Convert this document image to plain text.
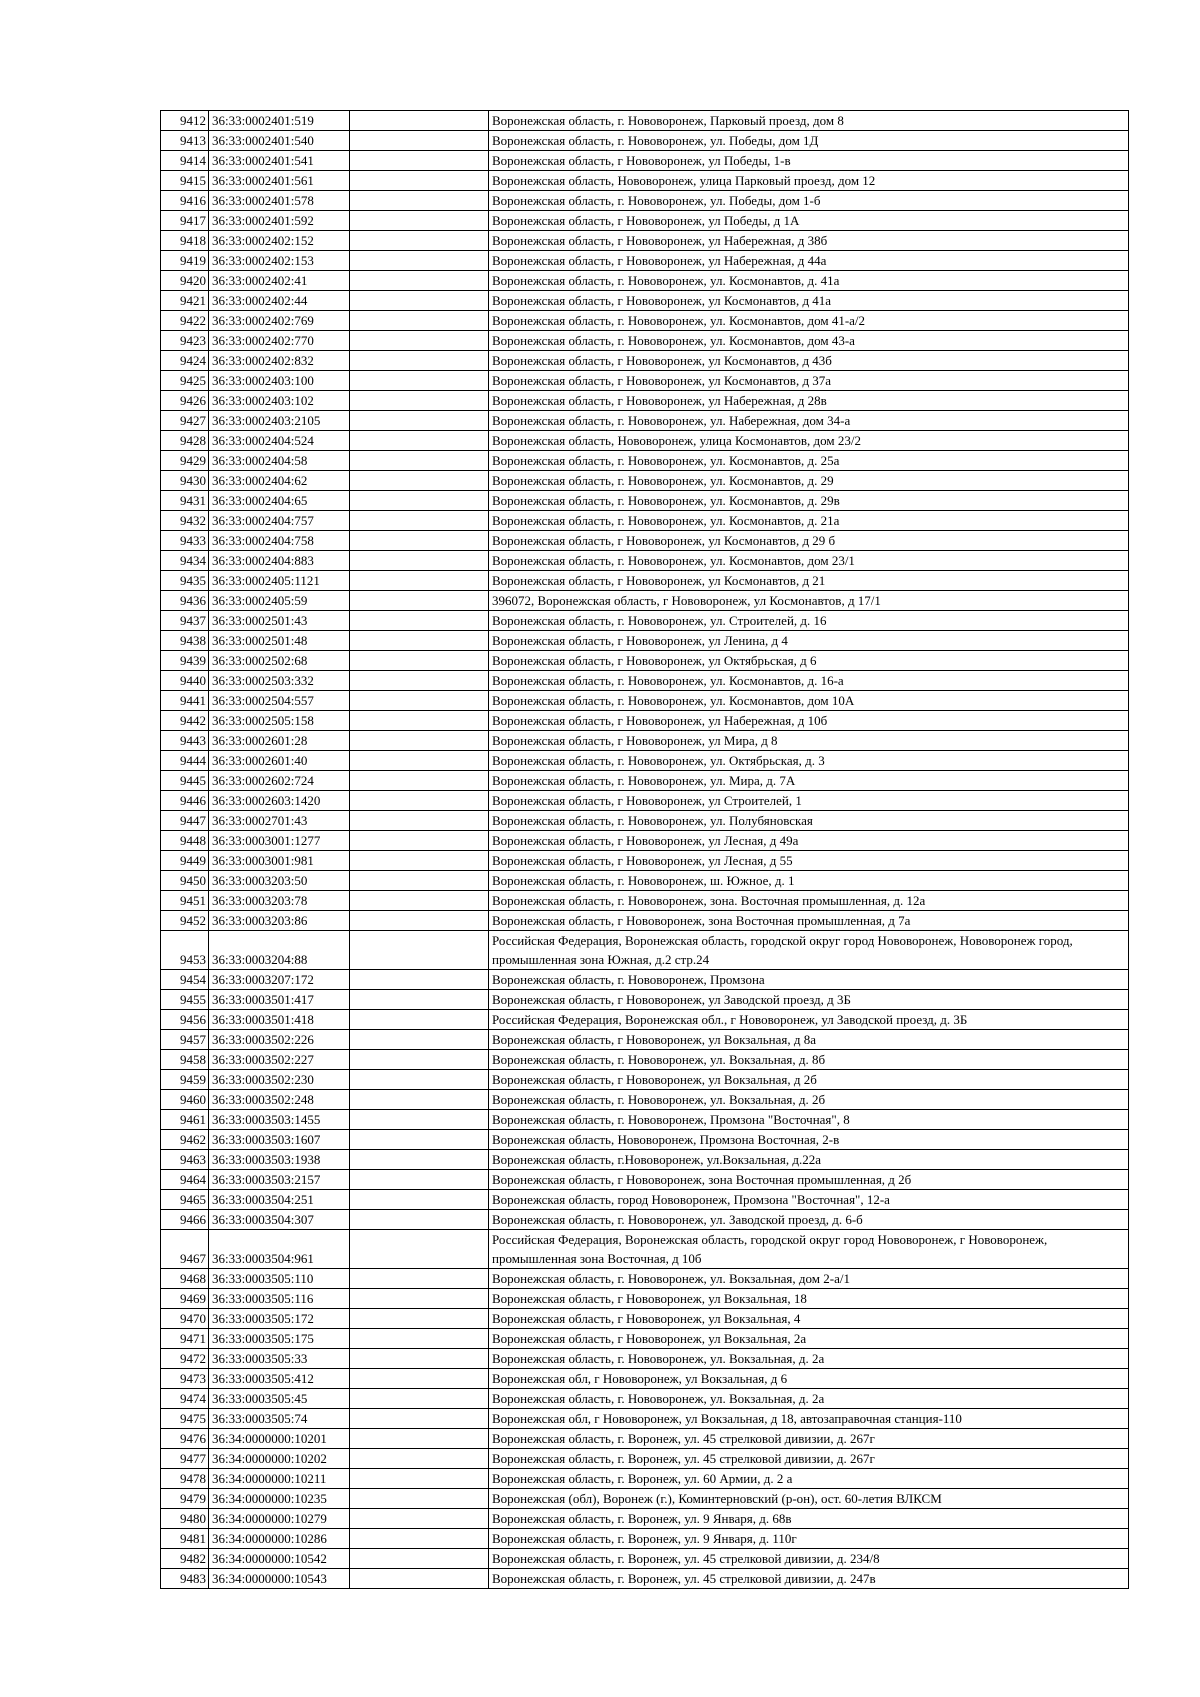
9412	36:33:0002401:519		Воронежская область, г. Нововоронеж, Парковый проезд, дом 8
9413	36:33:0002401:540		Воронежская область, г. Нововоронеж, ул. Победы, дом 1Д
9414	36:33:0002401:541		Воронежская область, г Нововоронеж, ул Победы, 1-в
9415	36:33:0002401:561		Воронежская область, Нововоронеж, улица Парковый проезд, дом 12
9416	36:33:0002401:578		Воронежская область, г. Нововоронеж, ул. Победы, дом 1-б
9417	36:33:0002401:592		Воронежская область, г Нововоронеж, ул Победы, д 1А
9418	36:33:0002402:152		Воронежская область, г Нововоронеж, ул Набережная, д 38б
9419	36:33:0002402:153		Воронежская область, г Нововоронеж, ул Набережная, д 44а
9420	36:33:0002402:41		Воронежская область, г. Нововоронеж, ул. Космонавтов, д. 41а
9421	36:33:0002402:44		Воронежская область, г Нововоронеж, ул Космонавтов, д 41а
9422	36:33:0002402:769		Воронежская область, г. Нововоронеж, ул. Космонавтов, дом 41-а/2
9423	36:33:0002402:770		Воронежская область, г. Нововоронеж, ул. Космонавтов, дом 43-а
9424	36:33:0002402:832		Воронежская область, г Нововоронеж, ул Космонавтов, д 43б
9425	36:33:0002403:100		Воронежская область, г Нововоронеж, ул Космонавтов, д 37а
9426	36:33:0002403:102		Воронежская область, г Нововоронеж, ул Набережная, д 28в
9427	36:33:0002403:2105		Воронежская область, г. Нововоронеж, ул. Набережная, дом 34-а
9428	36:33:0002404:524		Воронежская область, Нововоронеж, улица Космонавтов, дом 23/2
9429	36:33:0002404:58		Воронежская область, г. Нововоронеж, ул. Космонавтов, д. 25а
9430	36:33:0002404:62		Воронежская область, г. Нововоронеж, ул. Космонавтов, д. 29
9431	36:33:0002404:65		Воронежская область, г. Нововоронеж, ул. Космонавтов, д. 29в
9432	36:33:0002404:757		Воронежская область, г. Нововоронеж, ул. Космонавтов, д. 21а
9433	36:33:0002404:758		Воронежская область, г Нововоронеж, ул Космонавтов, д 29 б
9434	36:33:0002404:883		Воронежская область, г. Нововоронеж, ул. Космонавтов, дом 23/1
9435	36:33:0002405:1121		Воронежская область, г Нововоронеж, ул Космонавтов, д 21
9436	36:33:0002405:59		396072, Воронежская область, г Нововоронеж, ул Космонавтов, д 17/1
9437	36:33:0002501:43		Воронежская область, г. Нововоронеж, ул. Строителей, д. 16
9438	36:33:0002501:48		Воронежская область, г Нововоронеж, ул Ленина, д 4
9439	36:33:0002502:68		Воронежская область, г Нововоронеж, ул Октябрьская, д 6
9440	36:33:0002503:332		Воронежская область, г. Нововоронеж, ул. Космонавтов, д. 16-а
9441	36:33:0002504:557		Воронежская область, г. Нововоронеж, ул. Космонавтов, дом 10А
9442	36:33:0002505:158		Воронежская область, г Нововоронеж, ул Набережная, д 10б
9443	36:33:0002601:28		Воронежская область, г Нововоронеж, ул Мира, д 8
9444	36:33:0002601:40		Воронежская область, г. Нововоронеж, ул. Октябрьская, д. 3
9445	36:33:0002602:724		Воронежская область, г. Нововоронеж, ул. Мира, д. 7А
9446	36:33:0002603:1420		Воронежская область, г Нововоронеж, ул Строителей, 1
9447	36:33:0002701:43		Воронежская область, г. Нововоронеж, ул. Полубяновская
9448	36:33:0003001:1277		Воронежская область, г Нововоронеж, ул Лесная, д 49а
9449	36:33:0003001:981		Воронежская область, г Нововоронеж, ул Лесная, д 55
9450	36:33:0003203:50		Воронежская область, г. Нововоронеж, ш. Южное, д. 1
9451	36:33:0003203:78		Воронежская область, г. Нововоронеж, зона. Восточная промышленная, д. 12а
9452	36:33:0003203:86		Воронежская область, г Нововоронеж, зона Восточная промышленная, д 7а
9453	36:33:0003204:88		Российская Федерация, Воронежская область, городской округ город Нововоронеж, Нововоронеж город, промышленная зона Южная, д.2 стр.24
9454	36:33:0003207:172		Воронежская область, г. Нововоронеж, Промзона
9455	36:33:0003501:417		Воронежская область, г Нововоронеж, ул Заводской проезд, д 3Б
9456	36:33:0003501:418		Российская Федерация, Воронежская обл., г Нововоронеж, ул Заводской проезд, д. 3Б
9457	36:33:0003502:226		Воронежская область, г Нововоронеж, ул Вокзальная, д 8а
9458	36:33:0003502:227		Воронежская область, г. Нововоронеж, ул. Вокзальная, д. 8б
9459	36:33:0003502:230		Воронежская область, г Нововоронеж, ул Вокзальная, д 2б
9460	36:33:0003502:248		Воронежская область, г. Нововоронеж, ул. Вокзальная, д. 2б
9461	36:33:0003503:1455		Воронежская область, г. Нововоронеж, Промзона "Восточная", 8
9462	36:33:0003503:1607		Воронежская область, Нововоронеж, Промзона Восточная, 2-в
9463	36:33:0003503:1938		Воронежская область, г.Нововоронеж, ул.Вокзальная, д.22а
9464	36:33:0003503:2157		Воронежская область, г Нововоронеж, зона Восточная промышленная, д 2б
9465	36:33:0003504:251		Воронежская область, город Нововоронеж, Промзона "Восточная", 12-а
9466	36:33:0003504:307		Воронежская область, г. Нововоронеж, ул. Заводской проезд, д. 6-б
9467	36:33:0003504:961		Российская Федерация, Воронежская область, городской округ город Нововоронеж, г Нововоронеж, промышленная зона Восточная, д 10б
9468	36:33:0003505:110		Воронежская область, г. Нововоронеж, ул. Вокзальная, дом 2-а/1
9469	36:33:0003505:116		Воронежская область, г Нововоронеж, ул Вокзальная, 18
9470	36:33:0003505:172		Воронежская область, г Нововоронеж, ул Вокзальная, 4
9471	36:33:0003505:175		Воронежская область, г Нововоронеж, ул Вокзальная, 2а
9472	36:33:0003505:33		Воронежская область, г. Нововоронеж, ул. Вокзальная, д. 2а
9473	36:33:0003505:412		Воронежская обл, г Нововоронеж, ул Вокзальная, д 6
9474	36:33:0003505:45		Воронежская область, г. Нововоронеж, ул. Вокзальная, д. 2а
9475	36:33:0003505:74		Воронежская обл, г Нововоронеж, ул Вокзальная, д 18, автозаправочная станция-110
9476	36:34:0000000:10201		Воронежская область, г. Воронеж, ул. 45 стрелковой дивизии, д. 267г
9477	36:34:0000000:10202		Воронежская область, г. Воронеж, ул. 45 стрелковой дивизии, д. 267г
9478	36:34:0000000:10211		Воронежская область, г. Воронеж, ул. 60 Армии, д. 2 а
9479	36:34:0000000:10235		Воронежская (обл), Воронеж (г.), Коминтерновский (р-он), ост. 60-летия ВЛКСМ
9480	36:34:0000000:10279		Воронежская область, г. Воронеж, ул. 9 Января, д. 68в
9481	36:34:0000000:10286		Воронежская область, г. Воронеж, ул. 9 Января, д. 110г
9482	36:34:0000000:10542		Воронежская область, г. Воронеж, ул. 45 стрелковой дивизии, д. 234/8
9483	36:34:0000000:10543		Воронежская область, г. Воронеж, ул. 45 стрелковой дивизии, д. 247в
